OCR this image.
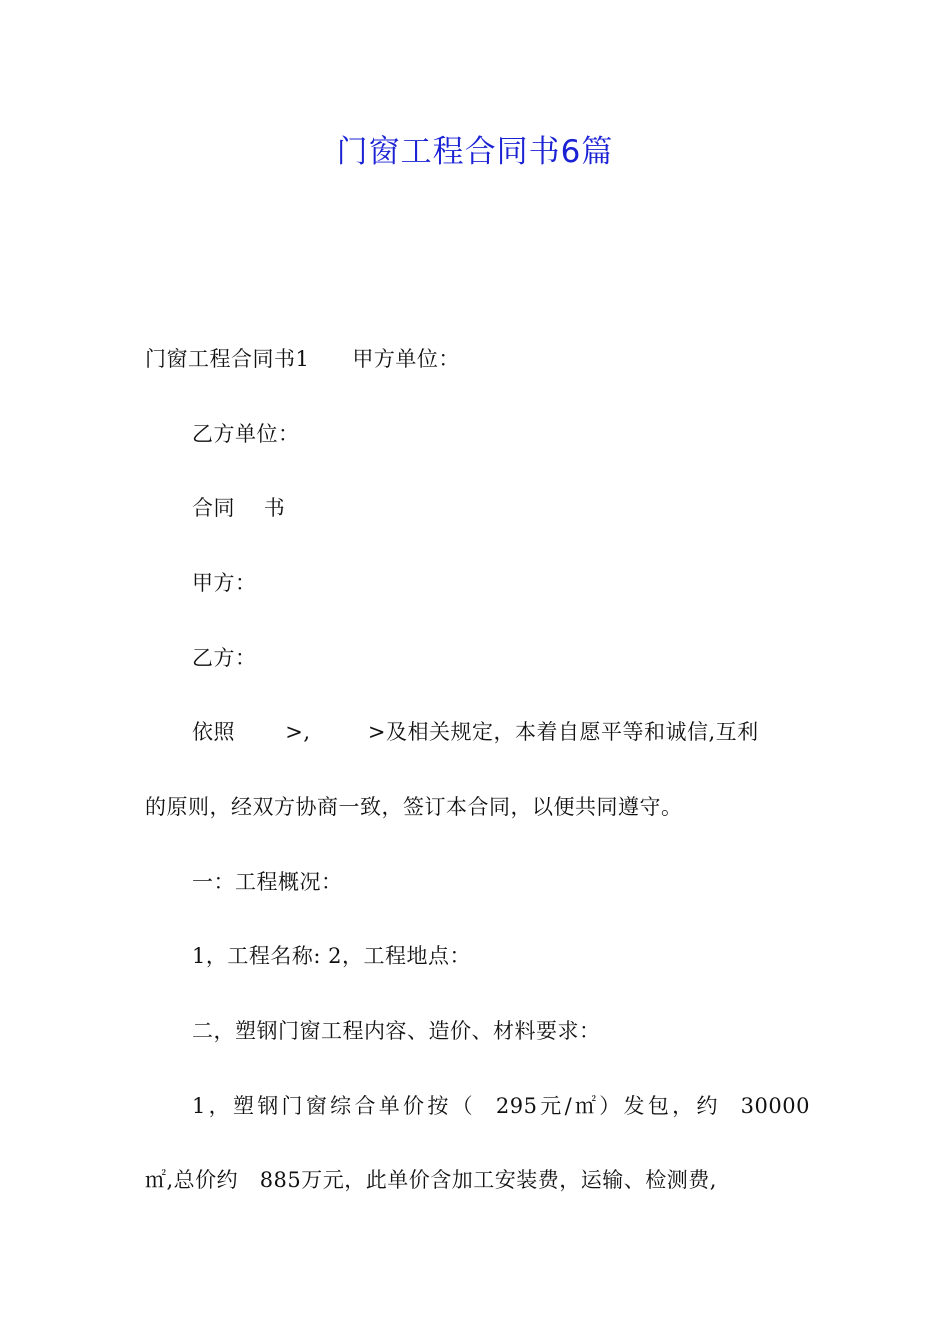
门窗工程合同书6篇
门窗工程合同书1      甲方单位：
乙方单位：
合同    书
甲方：
乙方：
依照       >,        >及相关规定，本着自愿平等和诚信,互利
的原则，经双方协商一致，签订本合同，以便共同遵守。
一：工程概况：
1，工程名称: 2，工程地点：
二，塑钢门窗工程内容、造价、材料要求：
1，塑钢门窗综合单价按（  295元/㎡）发包，约  30000
㎡,总价约   885万元，此单价含加工安装费，运输、检测费,
